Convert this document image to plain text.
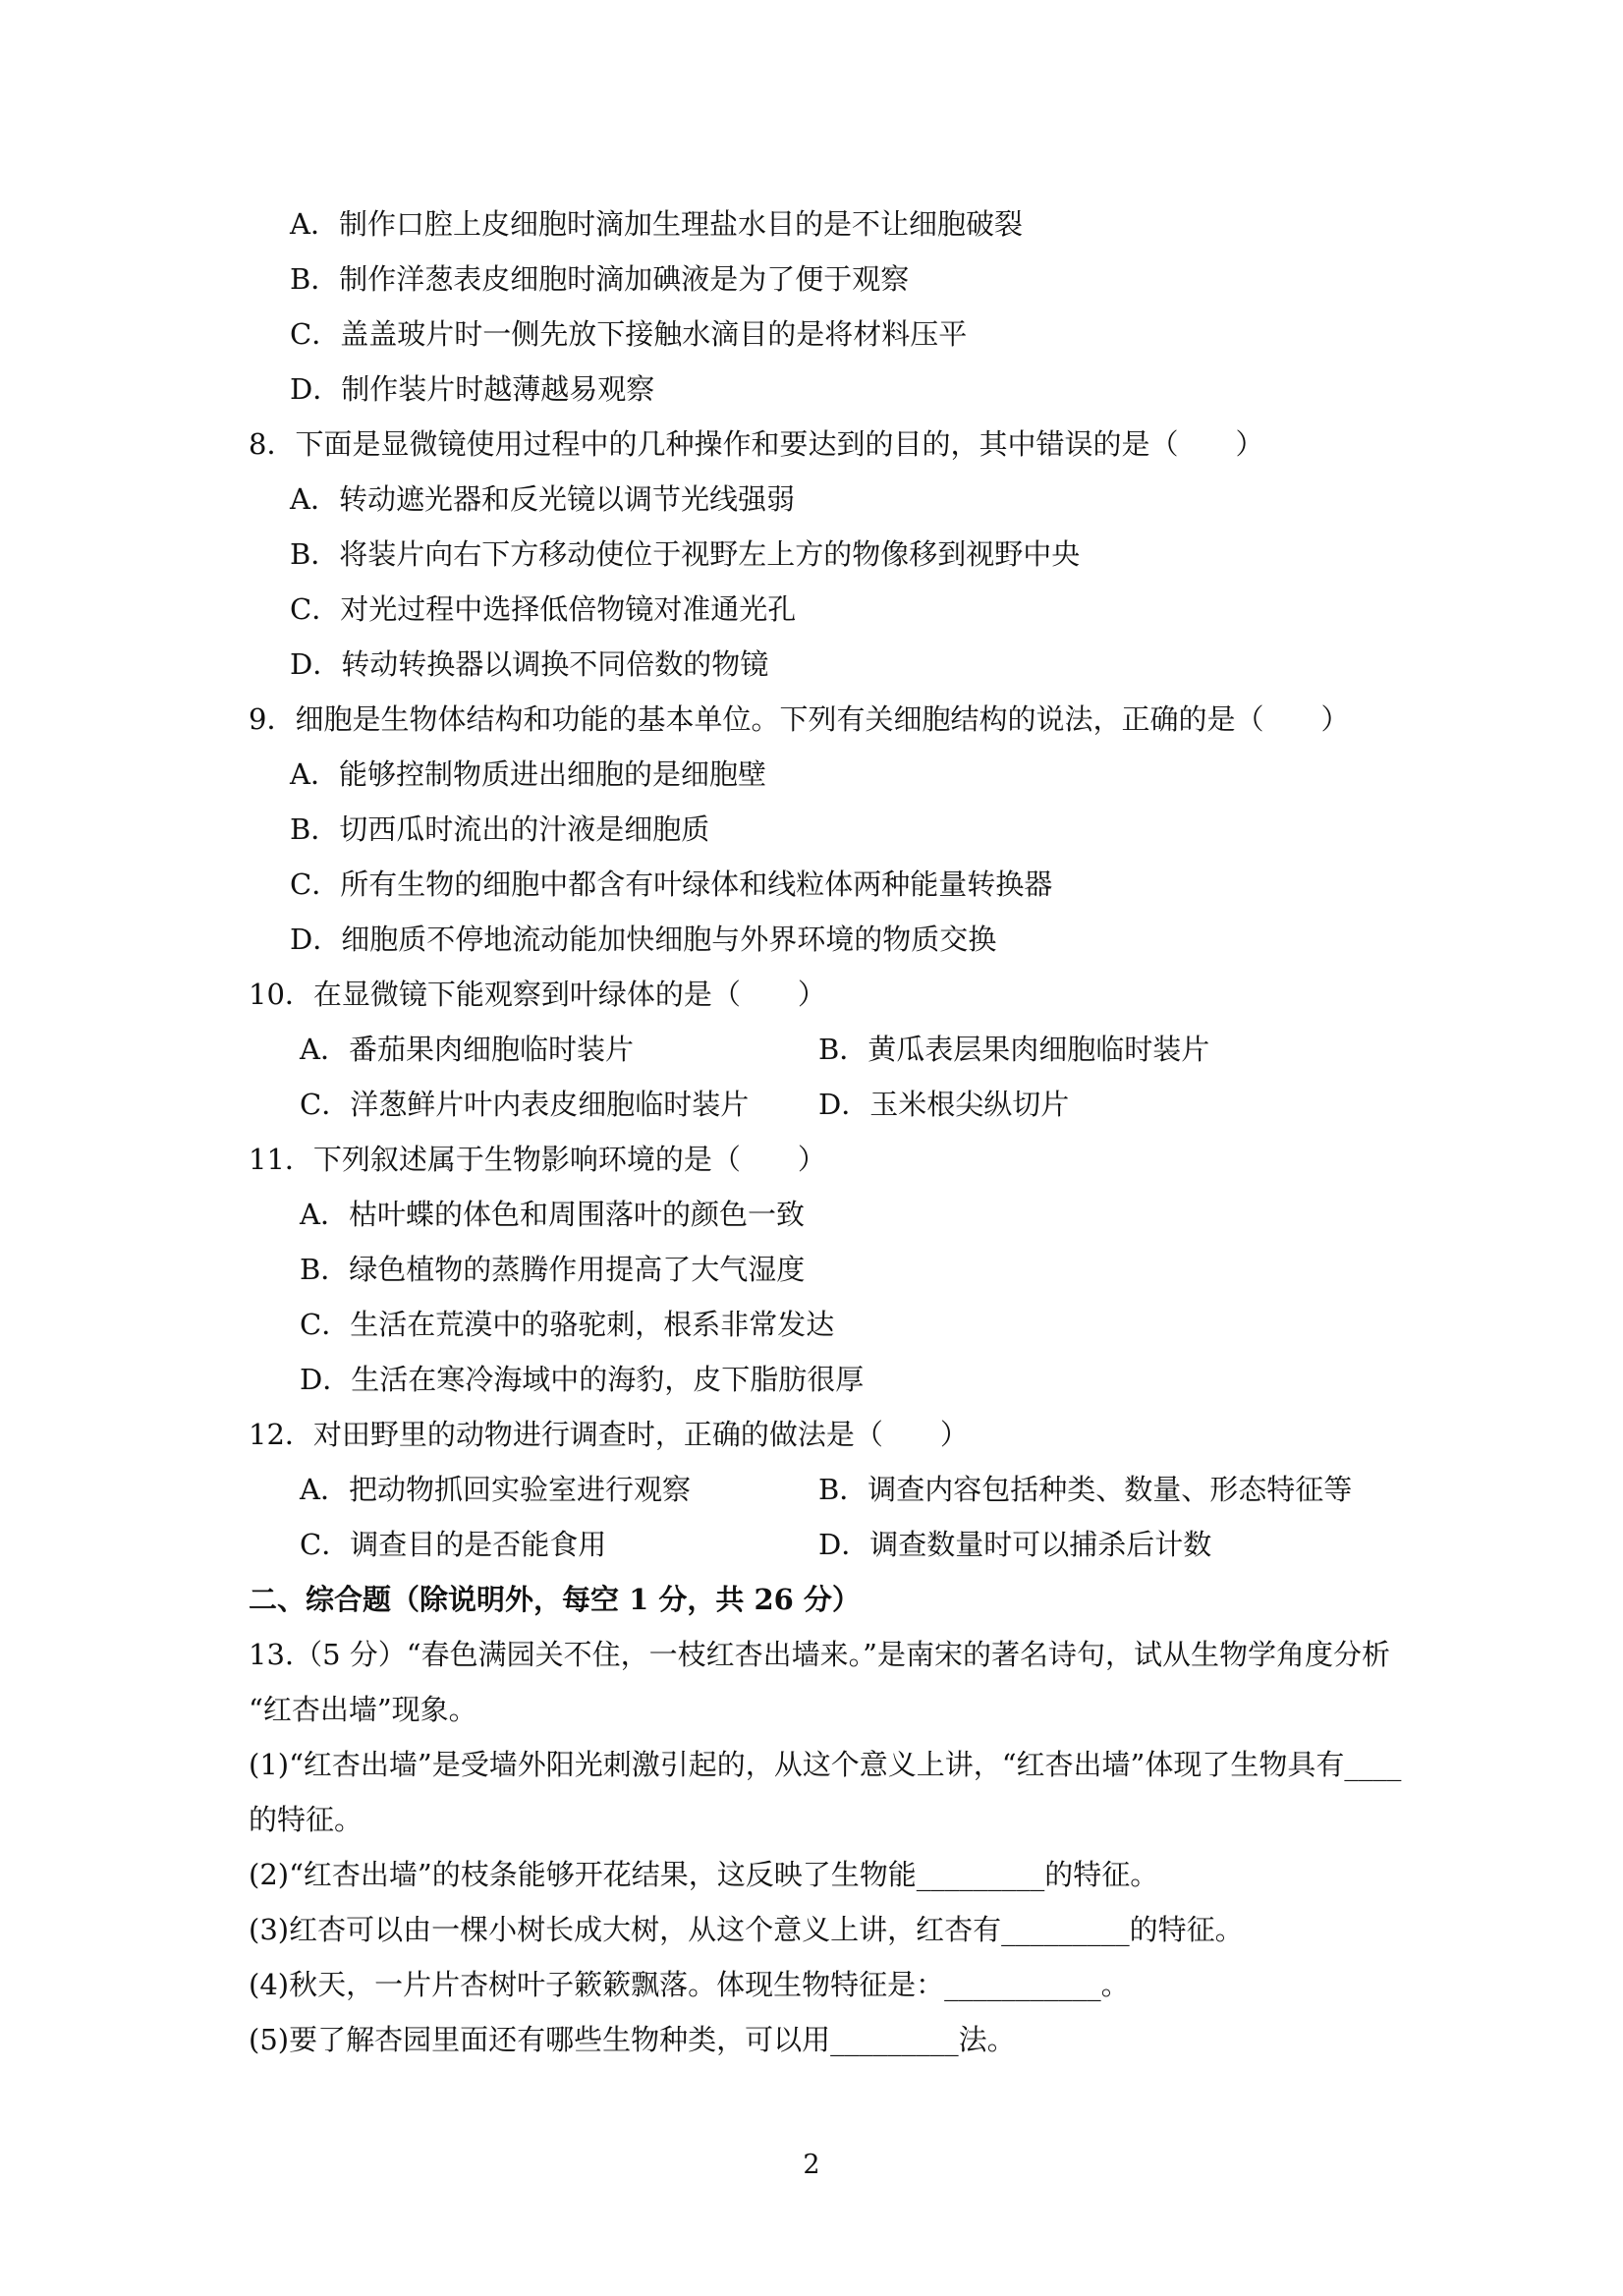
A．制作口腔上皮细胞时滴加生理盐水目的是不让细胞破裂
B．制作洋葱表皮细胞时滴加碘液是为了便于观察
C．盖盖玻片时一侧先放下接触水滴目的是将材料压平
D．制作装片时越薄越易观察
8．下面是显微镜使用过程中的几种操作和要达到的目的，其中错误的是（　　）
A．转动遮光器和反光镜以调节光线强弱
B．将装片向右下方移动使位于视野左上方的物像移到视野中央
C．对光过程中选择低倍物镜对准通光孔
D．转动转换器以调换不同倍数的物镜
9．细胞是生物体结构和功能的基本单位。下列有关细胞结构的说法，正确的是（　　）
A．能够控制物质进出细胞的是细胞壁
B．切西瓜时流出的汁液是细胞质
C．所有生物的细胞中都含有叶绿体和线粒体两种能量转换器
D．细胞质不停地流动能加快细胞与外界环境的物质交换
10．在显微镜下能观察到叶绿体的是（　　）
A．番茄果肉细胞临时装片	B．黄瓜表层果肉细胞临时装片
C．洋葱鲜片叶内表皮细胞临时装片 D．玉米根尖纵切片
11．下列叙述属于生物影响环境的是（　　）
A．枯叶蝶的体色和周围落叶的颜色一致
B．绿色植物的蒸腾作用提高了大气湿度
C．生活在荒漠中的骆驼刺，根系非常发达
D．生活在寒冷海域中的海豹，皮下脂肪很厚
12．对田野里的动物进行调查时，正确的做法是（　　）
A．把动物抓回实验室进行观察	B．调查内容包括种类、数量、形态特征等
C．调查目的是否能食用	D．调查数量时可以捕杀后计数
二、综合题（除说明外，每空 1 分，共 26 分）
13.（5 分）“春色满园关不住，一枝红杏出墙来。”是南宋的著名诗句，试从生物学角度分析
“红杏出墙”现象。
(1)“红杏出墙”是受墙外阳光刺激引起的，从这个意义上讲，“红杏出墙”体现了生物具有____
的特征。
(2)“红杏出墙”的枝条能够开花结果，这反映了生物能_________的特征。
(3)红杏可以由一棵小树长成大树，从这个意义上讲，红杏有_________的特征。
(4)秋天，一片片杏树叶子簌簌飘落。体现生物特征是：___________。
(5)要了解杏园里面还有哪些生物种类，可以用_________法。
2
